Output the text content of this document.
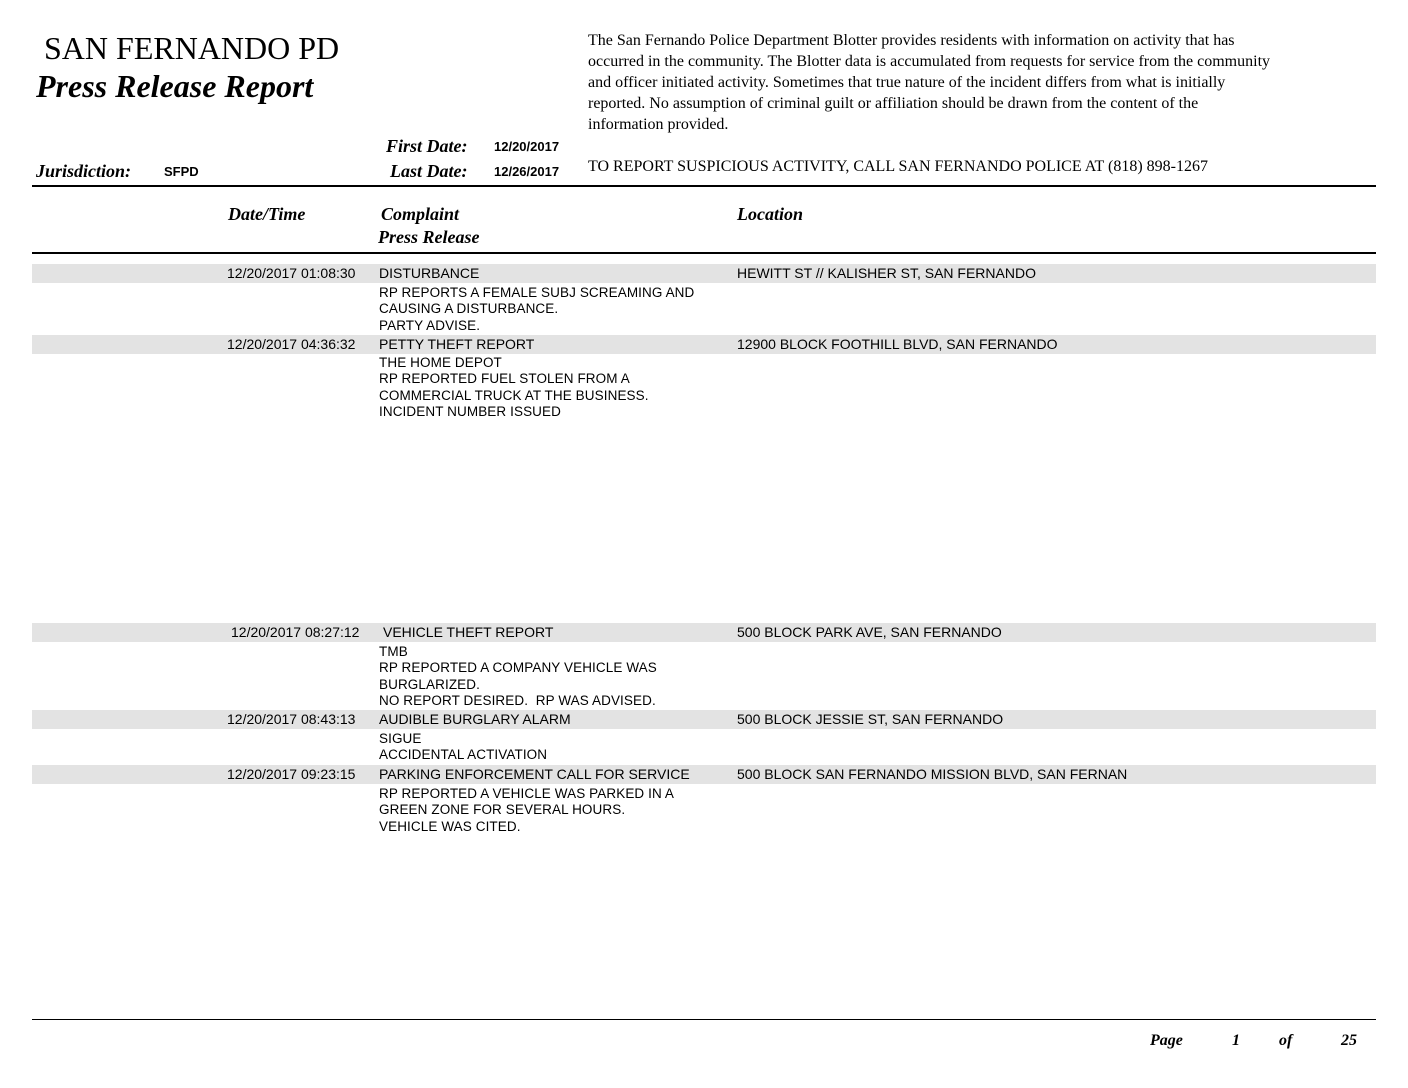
SAN FERNANDO PD
Press Release Report
The San Fernando Police Department Blotter provides residents with information on activity that has
occurred in the community. The Blotter data is accumulated from requests for service from the community
and officer initiated activity. Sometimes that true nature of the incident differs from what is initially
reported. No assumption of criminal guilt or affiliation should be drawn from the content of the
information provided.
First Date: 12/20/2017
Last Date: 12/26/2017
Jurisdiction:	SFPD	TO REPORT SUSPICIOUS ACTIVITY, CALL SAN FERNANDO POLICE AT (818) 898-1267
Date/Time	Complaint
Press Release
Location
12/20/2017 01:08:30 DISTURBANCE	HEWITT ST // KALISHER ST, SAN FERNANDO
RP REPORTS A FEMALE SUBJ SCREAMING AND
CAUSING A DISTURBANCE.
PARTY ADVISE.
12/20/2017 04:36:32 PETTY THEFT REPORT	12900 BLOCK FOOTHILL BLVD, SAN FERNANDO
THE HOME DEPOT
RP REPORTED FUEL STOLEN FROM A
COMMERCIAL TRUCK AT THE BUSINESS.
INCIDENT NUMBER ISSUED
12/20/2017 08:27:12 VEHICLE THEFT REPORT	500 BLOCK PARK AVE, SAN FERNANDO
TMB
RP REPORTED A COMPANY VEHICLE WAS
BURGLARIZED.
NO REPORT DESIRED.  RP WAS ADVISED.
12/20/2017 08:43:13 AUDIBLE BURGLARY ALARM	500 BLOCK JESSIE ST, SAN FERNANDO
SIGUE
ACCIDENTAL ACTIVATION
12/20/2017 09:23:15 PARKING ENFORCEMENT CALL FOR SERVICE	500 BLOCK SAN FERNANDO MISSION BLVD, SAN FERNAN
RP REPORTED A VEHICLE WAS PARKED IN A
GREEN ZONE FOR SEVERAL HOURS.
VEHICLE WAS CITED.
Page	1 of	25
